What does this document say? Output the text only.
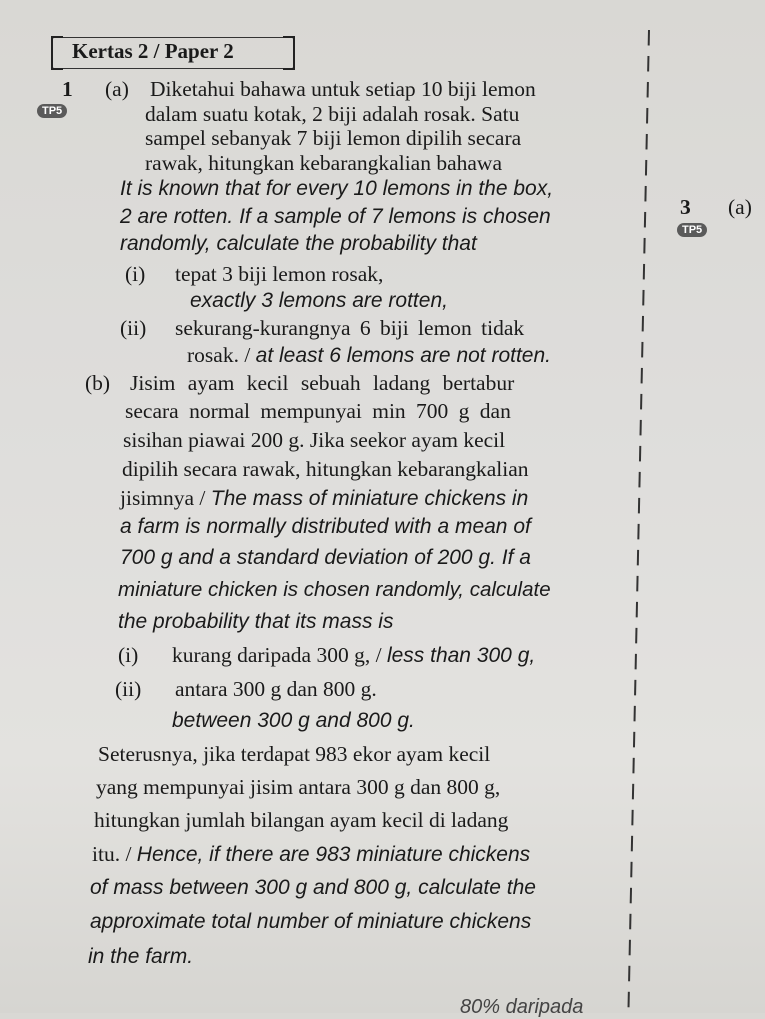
Kertas 2 / Paper 2
1 (a)
TP5
Diketahui bahawa untuk setiap 10 biji lemon
dalam suatu kotak, 2 biji adalah rosak. Satu
sampel sebanyak 7 biji lemon dipilih secara
rawak, hitungkan kebarangkalian bahawa
It is known that for every 10 lemons in the box,
2 are rotten. If a sample of 7 lemons is chosen
randomly, calculate the probability that
(i) tepat 3 biji lemon rosak,
exactly 3 lemons are rotten,
(ii) sekurang-kurangnya 6 biji lemon tidak
rosak. / at least 6 lemons are not rotten.
(b) Jisim ayam kecil sebuah ladang bertabur
secara normal mempunyai min 700 g dan
sisihan piawai 200 g. Jika seekor ayam kecil
dipilih secara rawak, hitungkan kebarangkalian
jisimnya / The mass of miniature chickens in
a farm is normally distributed with a mean of
700 g and a standard deviation of 200 g. If a
miniature chicken is chosen randomly, calculate
the probability that its mass is
(i) kurang daripada 300 g, / less than 300 g,
(ii) antara 300 g dan 800 g.
between 300 g and 800 g.
Seterusnya, jika terdapat 983 ekor ayam kecil
yang mempunyai jisim antara 300 g dan 800 g,
hitungkan jumlah bilangan ayam kecil di ladang
itu. / Hence, if there are 983 miniature chickens
of mass between 300 g and 800 g, calculate the
approximate total number of miniature chickens
in the farm.
3 (a)
TP5
80% daripada
